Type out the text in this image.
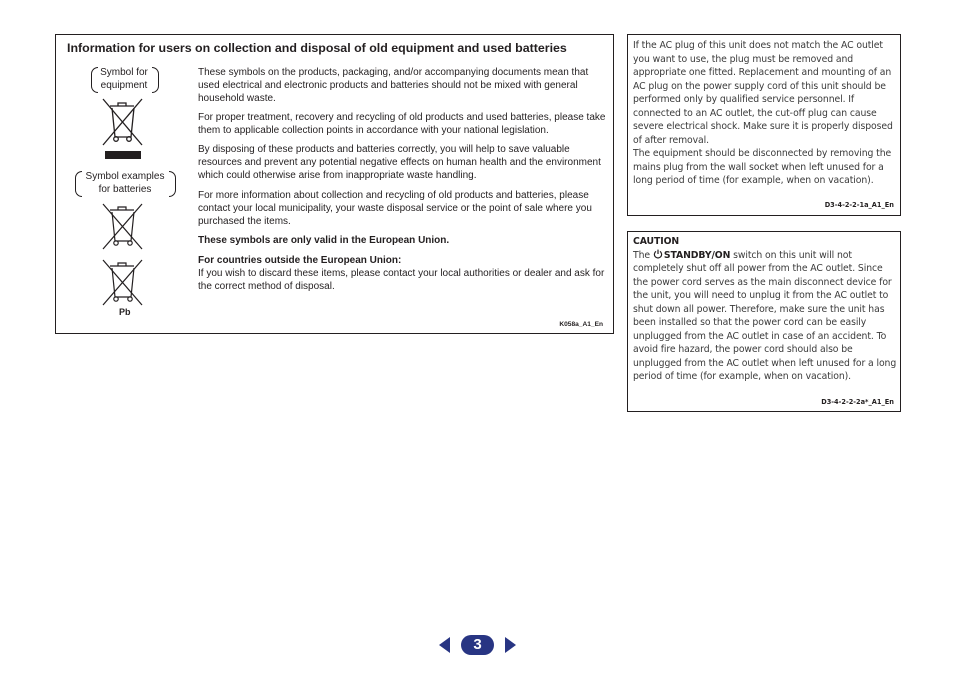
Information for users on collection and disposal of old equipment and used batteries
Symbol for equipment
Symbol examples for batteries
Pb

These symbols on the products, packaging, and/or accompanying documents mean that used electrical and electronic products and batteries should not be mixed with general household waste.

For proper treatment, recovery and recycling of old products and used batteries, please take them to applicable collection points in accordance with your national legislation.

By disposing of these products and batteries correctly, you will help to save valuable resources and prevent any potential negative effects on human health and the environment which could otherwise arise from inappropriate waste handling.

For more information about collection and recycling of old products and batteries, please contact your local municipality, your waste disposal service or the point of sale where you purchased the items.

These symbols are only valid in the European Union.

For countries outside the European Union:

If you wish to discard these items, please contact your local authorities or dealer and ask for the correct method of disposal.

K058a_A1_En

If the AC plug of this unit does not match the AC outlet you want to use, the plug must be removed and appropriate one fitted. Replacement and mounting of an AC plug on the power supply cord of this unit should be performed only by qualified service personnel. If connected to an AC outlet, the cut-off plug can cause severe electrical shock. Make sure it is properly disposed of after removal.

The equipment should be disconnected by removing the mains plug from the wall socket when left unused for a long period of time (for example, when on vacation).

D3-4-2-2-1a_A1_En

CAUTION

The STANDBY/ON switch on this unit will not completely shut off all power from the AC outlet. Since the power cord serves as the main disconnect device for the unit, you will need to unplug it from the AC outlet to shut down all power. Therefore, make sure the unit has been installed so that the power cord can be easily unplugged from the AC outlet in case of an accident. To avoid fire hazard, the power cord should also be unplugged from the AC outlet when left unused for a long period of time (for example, when on vacation).

D3-4-2-2-2a*_A1_En
3
